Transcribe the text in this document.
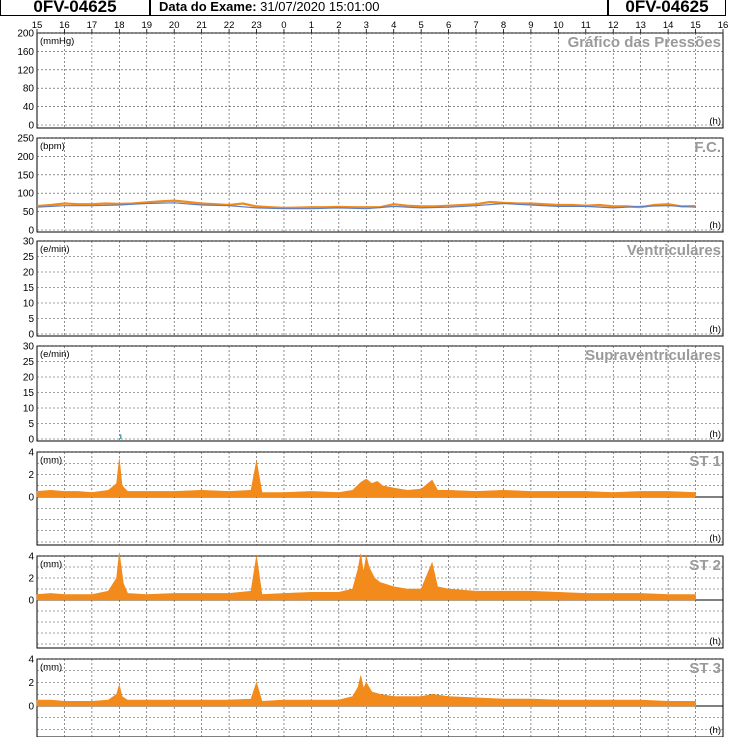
0FV-04625	Data do Exame: 31/07/2020 15:01:00	0FV-04625
15 16 17 18 19 20 21 22 23 0 1 2 3 4 5 6 7 8 9 10 11 12 13 14 15 16
0
40
80
120
160
200
(mmHg)	Gráfico das Pressões
(h)
0
50
100
150
200
250
(bpm)	F.C.
(h)
0
5
10
15
20
25
30
(e/min)	Ventriculares
(h)
0
5
10
15
20
25
30
(e/min)	Supraventriculares
(h)
0
2
4
(mm)	ST 1
(h)
0
2
4
(mm)	ST 2
(h)
0
2
4
(mm)	ST 3
(h)
